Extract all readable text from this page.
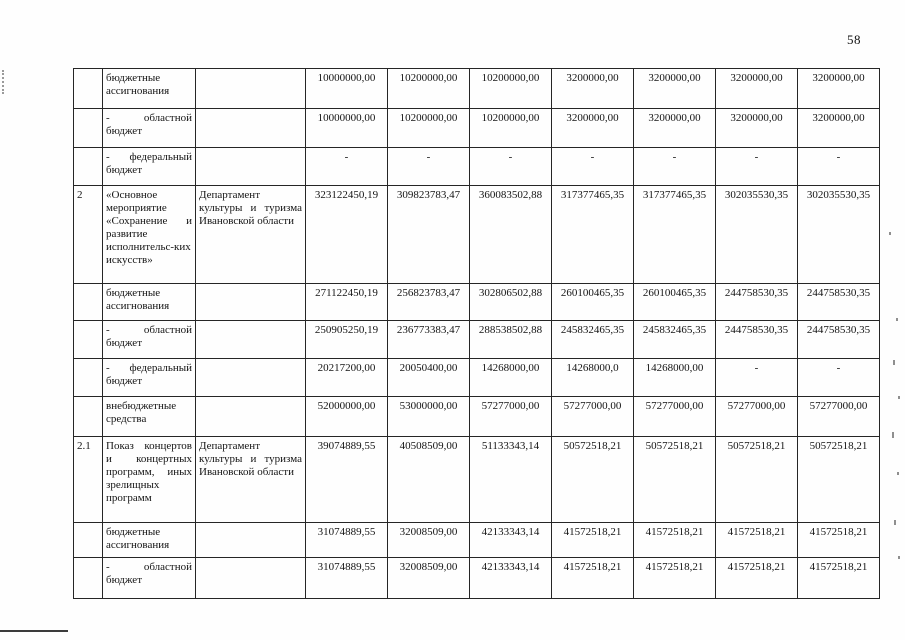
58
	бюджетные ассигнования		10000000,00	10200000,00	10200000,00	3200000,00	3200000,00	3200000,00	3200000,00
	- областной бюджет		10000000,00	10200000,00	10200000,00	3200000,00	3200000,00	3200000,00	3200000,00
	- федеральный бюджет		-	-	-	-	-	-	-
2	«Основное мероприятие «Сохранение и развитие исполнительс-ких искусств»	Департамент культуры и туризма Ивановской области	323122450,19	309823783,47	360083502,88	317377465,35	317377465,35	302035530,35	302035530,35
	бюджетные ассигнования		271122450,19	256823783,47	302806502,88	260100465,35	260100465,35	244758530,35	244758530,35
	- областной бюджет		250905250,19	236773383,47	288538502,88	245832465,35	245832465,35	244758530,35	244758530,35
	- федеральный бюджет		20217200,00	20050400,00	14268000,00	14268000,0	14268000,00	-	-
	внебюджетные средства		52000000,00	53000000,00	57277000,00	57277000,00	57277000,00	57277000,00	57277000,00
2.1	Показ концертов и концертных программ, иных зрелищных программ	Департамент культуры и туризма Ивановской области	39074889,55	40508509,00	51133343,14	50572518,21	50572518,21	50572518,21	50572518,21
	бюджетные ассигнования		31074889,55	32008509,00	42133343,14	41572518,21	41572518,21	41572518,21	41572518,21
	- областной бюджет		31074889,55	32008509,00	42133343,14	41572518,21	41572518,21	41572518,21	41572518,21
